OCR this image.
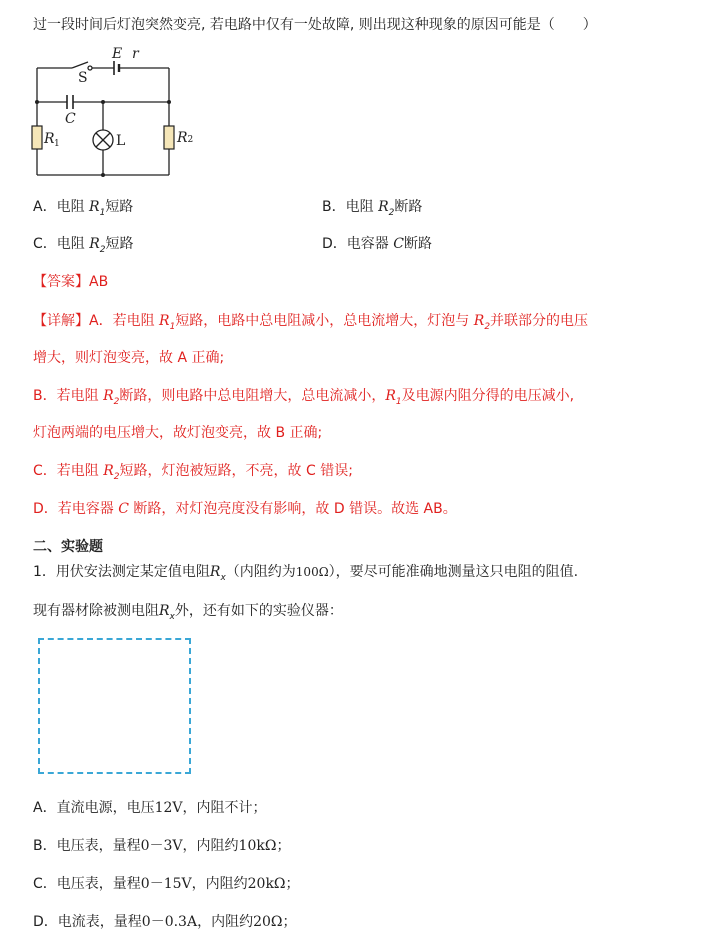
过一段时间后灯泡突然变亮, 若电路中仅有一处故障, 则出现这种现象的原因可能是（　　）
S
E r
C
L
R 1	R2
A．电阻 $R_1$短路	B．电阻 $R_2$断路
C．电阻 $R_2$短路	D．电容器 C断路
【答案】AB
【详解】A．若电阻 $R_1$短路，电路中总电阻减小，总电流增大，灯泡与 $R_2$并联部分的电压
增大，则灯泡变亮，故 A 正确;
B．若电阻 $R_2$断路，则电路中总电阻增大，总电流减小，$R_1$及电源内阻分得的电压减小,
灯泡两端的电压增大，故灯泡变亮，故 B 正确;
C．若电阻 $R_2$短路，灯泡被短路，不亮，故 C 错误;
D．若电容器 C 断路，对灯泡亮度没有影响，故 D 错误。故选 AB。
二、实验题
1．用伏安法测定某定值电阻$R_x$（内阻约为100Ω），要尽可能准确地测量这只电阻的阻值.
现有器材除被测电阻$R_x$外，还有如下的实验仪器：
A．直流电源，电压12V，内阻不计；
B．电压表，量程0－3V，内阻约10kΩ；
C．电压表，量程0－15V，内阻约20kΩ；
D．电流表，量程0－0.3A，内阻约20Ω；
